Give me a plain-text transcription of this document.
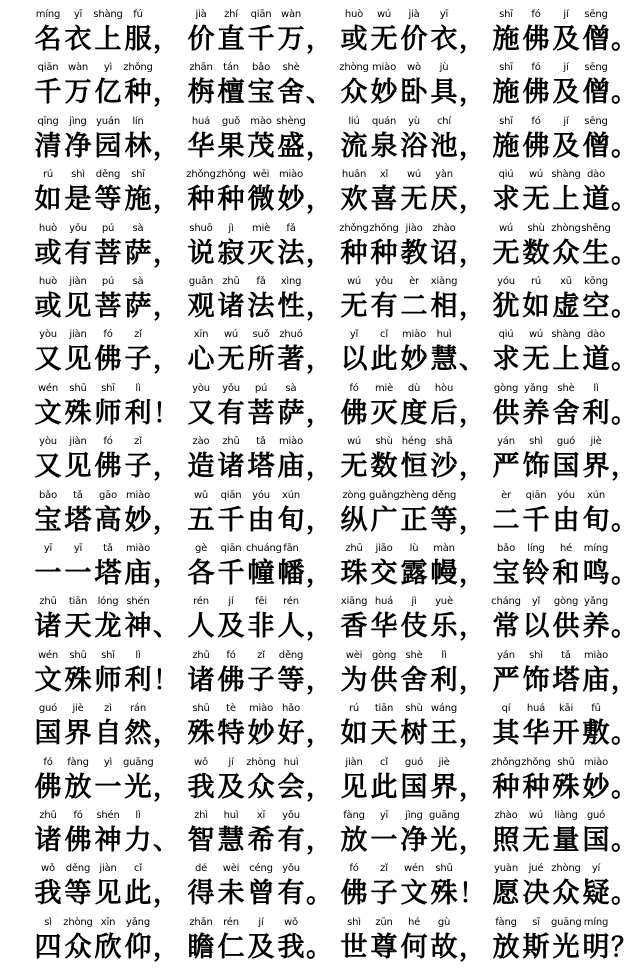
míng
名
yī
衣
shàng
上
fú
服 ，
jià
价
zhí
直
qiān
千
wàn
万 ，
huò
或
wú
无
jià
价
yī
衣 ，
shī
施
fó
佛
jí
及
sēng
僧 。
qiān
千
wàn
万
yì
亿
zhǒng
种 ，
zhān
栴
tán
檀
bǎo
宝
shè
舍 、
zhòng
众
miào
妙
wò
卧
jù
具 ，
shī
施
fó
佛
jí
及
sēng
僧 。
qīng
清
jìng
净
yuán
园
lín
林 ，
huá
华
guǒ
果
mào
茂
shèng
盛 ，
liú
流
quán
泉
yù
浴
chí
池 ，
shī
施
fó
佛
jí
及
sēng
僧 。
rú
如
shì
是
děng
等
shī
施 ，
zhǒng
种
zhǒng
种
wēi
微
miào
妙 ，
huān
欢
xǐ
喜
wú
无
yàn
厌 ，
qiú
求
wú
无
shàng
上
dào
道 。
huò
或
yǒu
有
pú
菩
sà
萨 ，
shuō
说
jì
寂
miè
灭
fǎ
法 ，
zhǒng
种
zhǒng
种
jiào
教
zhào
诏 ，
wú
无
shù
数
zhòng
众
shēng
生 。
huò
或
jiàn
见
pú
菩
sà
萨 ，
guān
观
zhū
诸
fǎ
法
xìng
性 ，
wú
无
yǒu
有
èr
二
xiàng
相 ，
yóu
犹
rú
如
xū
虚
kōng
空 。
yòu
又
jiàn
见
fó
佛
zǐ
子 ，
xīn
心
wú
无
suǒ
所
zhuó
著 ，
yǐ
以
cǐ
此
miào
妙
huì
慧 、
qiú
求
wú
无
shàng
上
dào
道 。
wén
文
shū
殊
shī
师
lì
利 ！
yòu
又
yǒu
有
pú
菩
sà
萨 ，
fó
佛
miè
灭
dù
度
hòu
后 ，
gòng
供
yǎng
养
shè
舍
lì
利 。
yòu
又
jiàn
见
fó
佛
zǐ
子 ，
zào
造
zhū
诸
tǎ
塔
miào
庙 ，
wú
无
shù
数
héng
恒
shā
沙 ，
yán
严
shì
饰
guó
国
jiè
界 ，
bǎo
宝
tǎ
塔
gāo
高
miào
妙 ，
wǔ
五
qiān
千
yóu
由
xún
旬 ，
zòng
纵
guǎng
广
zhèng
正
děng
等 ，
èr
二
qiān
千
yóu
由
xún
旬 。
yī
一
yī
一
tǎ
塔
miào
庙 ，
gè
各
qiān
千
chuáng
幢
fān
幡 ，
zhū
珠
jiāo
交
lù
露
màn
幔 ，
bǎo
宝
líng
铃
hé
和
míng
鸣 。
zhū
诸
tiān
天
lóng
龙
shén
神 、
rén
人
jí
及
fēi
非
rén
人 ，
xiāng
香
huá
华
jì
伎
yuè
乐 ，
cháng
常
yǐ
以
gòng
供
yǎng
养 。
wén
文
shū
殊
shī
师
lì
利 ！
zhū
诸
fó
佛
zǐ
子
děng
等 ，
wèi
为
gòng
供
shè
舍
lì
利 ，
yán
严
shì
饰
tǎ
塔
miào
庙 ，
guó
国
jiè
界
zì
自
rán
然 ，
shū
殊
tè
特
miào
妙
hǎo
好 ，
rú
如
tiān
天
shù
树
wáng
王 ，
qí
其
huá
华
kāi
开
fū
敷 。
fó
佛
fàng
放
yì
一
guāng
光 ，
wǒ
我
jí
及
zhòng
众
huì
会 ，
jiàn
见
cǐ
此
guó
国
jiè
界 ，
zhǒng
种
zhǒng
种
shū
殊
miào
妙 。
zhū
诸
fó
佛
shén
神
lì
力 、
zhì
智
huì
慧
xī
希
yǒu
有 ，
fàng
放
yī
一
jìng
净
guāng
光 ，
zhào
照
wú
无
liàng
量
guó
国 。
wǒ
我
děng
等
jiàn
见
cǐ
此 ，
dé
得
wèi
未
céng
曾
yǒu
有 。
fó
佛
zǐ
子
wén
文
shū
殊 ！
yuàn
愿
jué
决
zhòng
众
yí
疑 。
sì
四
zhòng
众
xīn
欣
yǎng
仰 ，
zhān
瞻
rén
仁
jí
及
wǒ
我 。
shì
世
zūn
尊
hé
何
gù
故 ，
fàng
放
sī
斯
guāng
光
míng
明 ？
